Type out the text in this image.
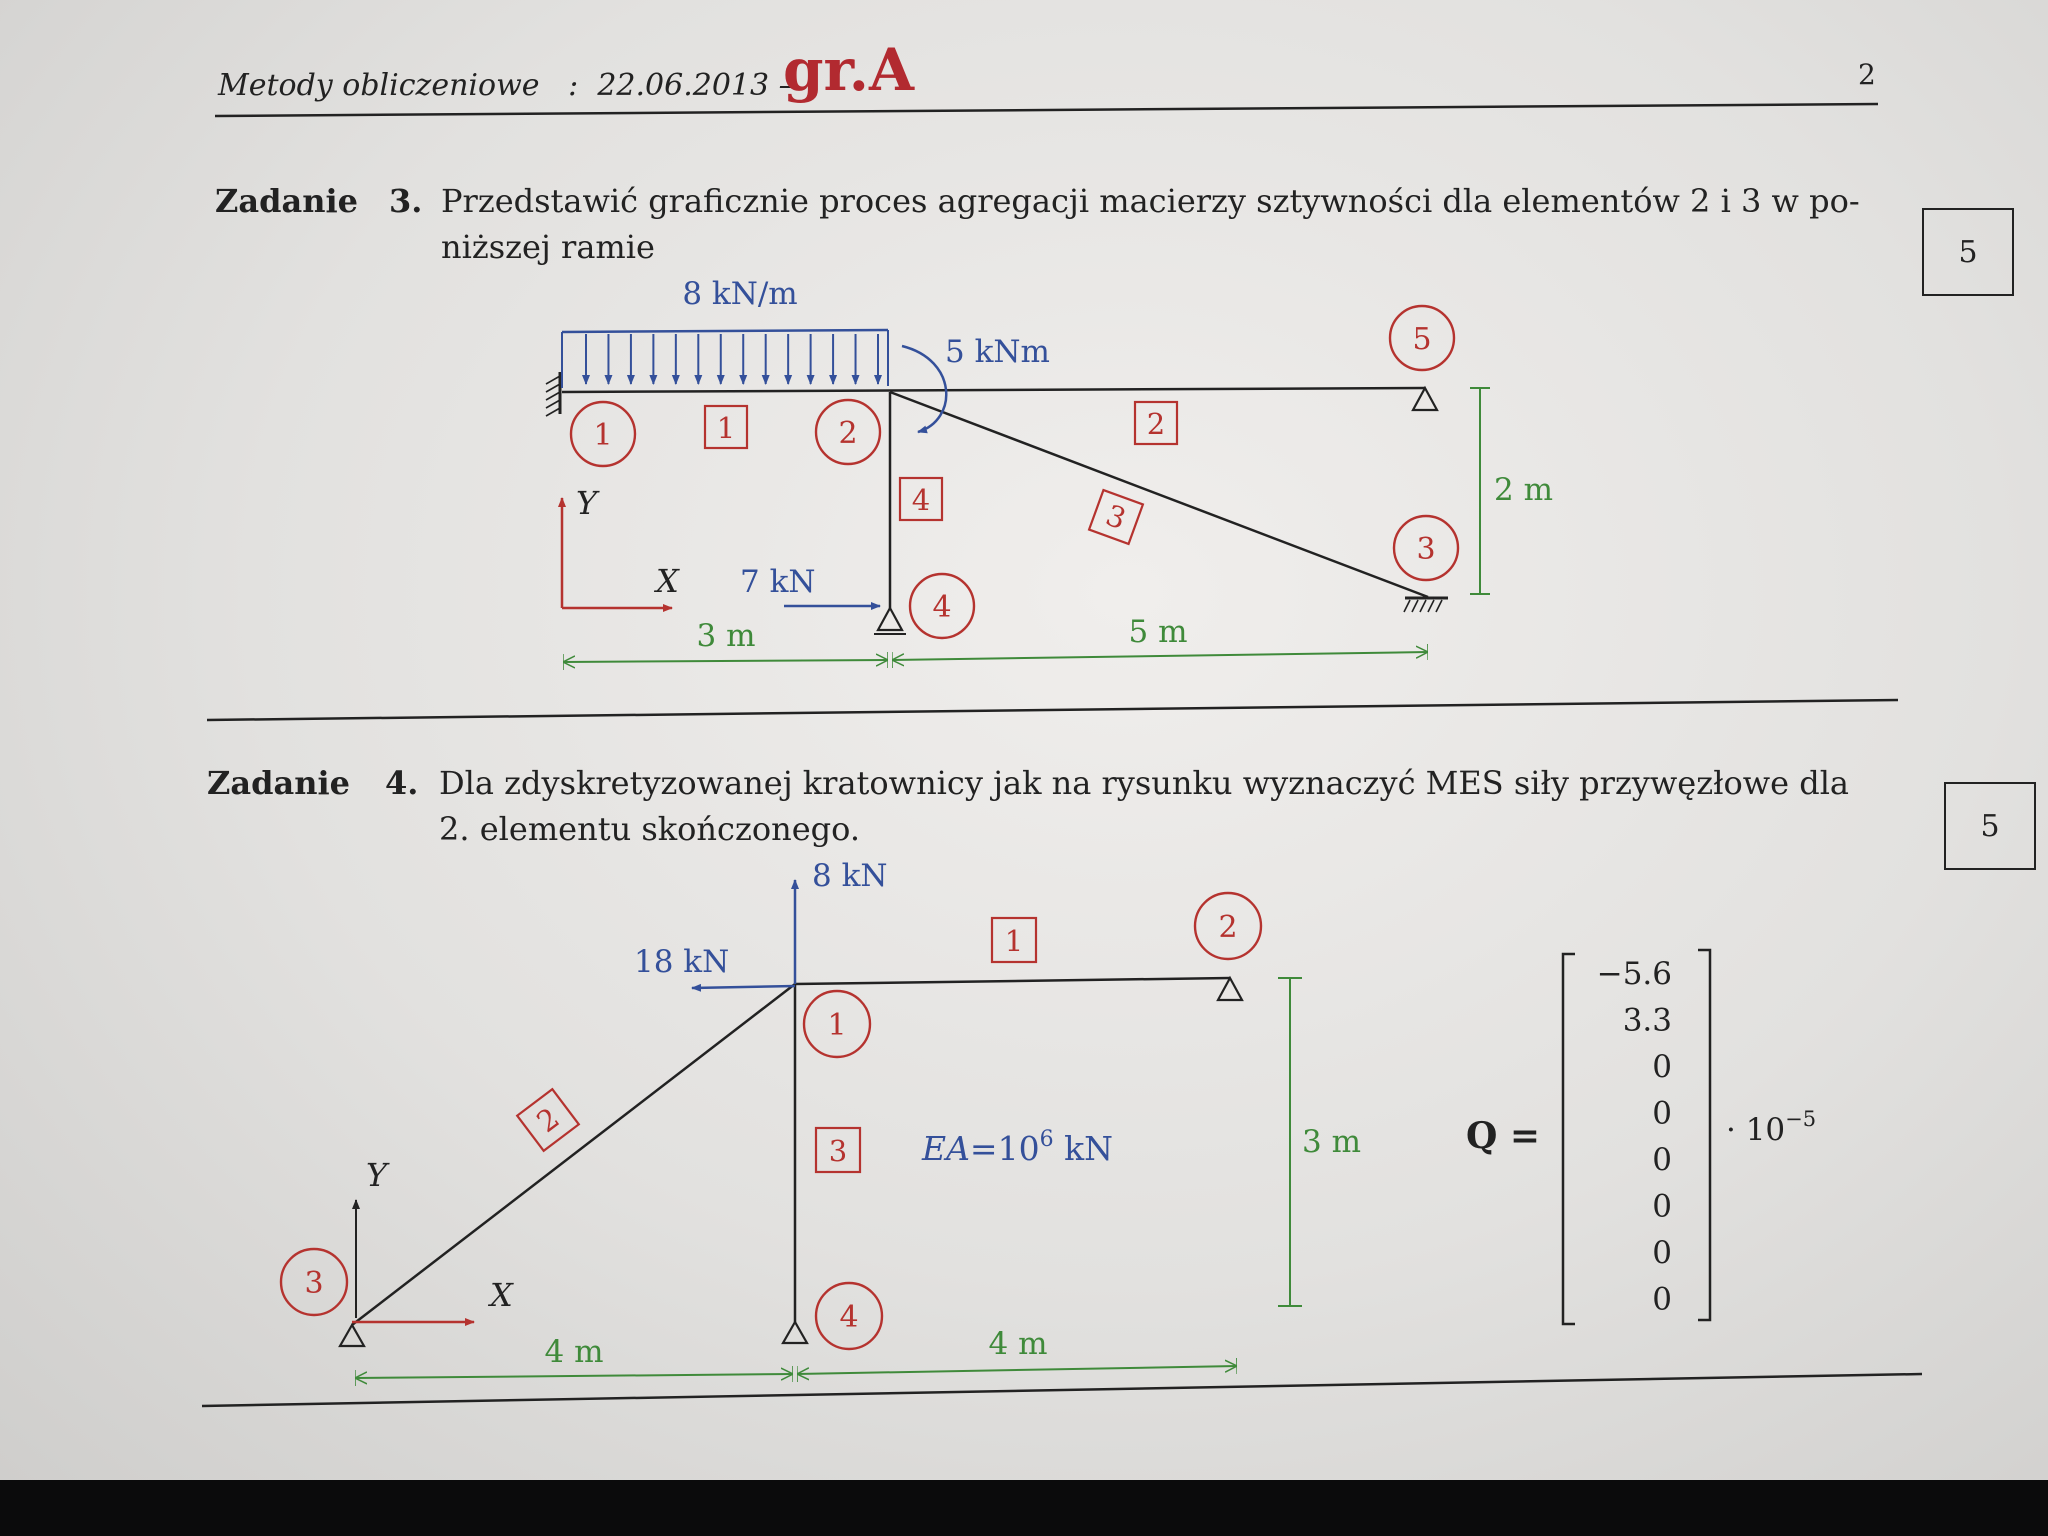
Metody obliczeniowe : 22.06.2013 –
gr.A	2
Zadanie 3. Przedstawić graficznie proces agregacji macierzy sztywności dla elementów 2 i 3 w po-
niższej ramie	5
Zadanie 4. Dla zdyskretyzowanej kratownicy jak na rysunku wyznaczyć MES siły przywęzłowe dla
2. elementu skończonego.	5
8 kN/m
5 kNm
7 kN
X
Y	2 m
3 m	5 m
1	2
3
4
5
1	2
3
4
8 kN
18 kN
$EA=10^6$ kN
X
Y
3 m
4 m	4 m
1
2
3
4
1
2
3	Q =
−5.6
3.3
0
0
0
0
0
0
· $10^{-5}$
